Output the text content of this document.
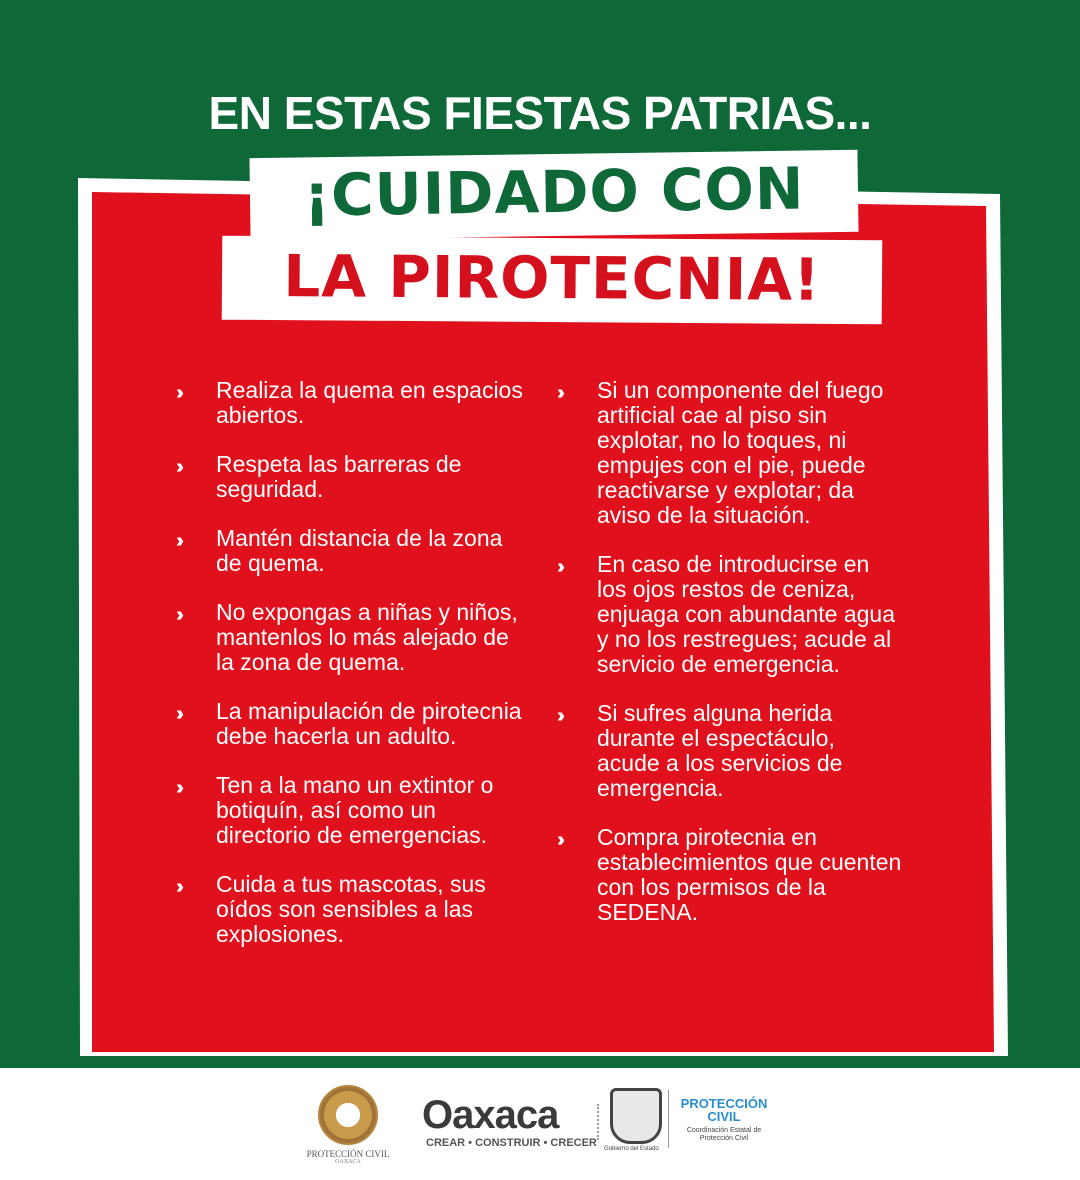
EN ESTAS FIESTAS PATRIAS...
¡CUIDADO CON
LA PIROTECNIA!
›››	Realiza la quema en espacios abiertos.
›››	Respeta las barreras de seguridad.
›››	Mantén distancia de la zona de quema.
›››	No expongas a niñas y niños, mantenlos lo más alejado de la zona de quema.
›››	La manipulación de pirotecnia debe hacerla un adulto.
›››	Ten a la mano un extintor o botiquín, así como un directorio de emergencias.
›››	Cuida a tus mascotas, sus oídos son sensibles a las explosiones.
›››	Si un componente del fuego artificial cae al piso sin explotar, no lo toques, ni empujes con el pie, puede reactivarse y explotar; da aviso de la situación.
›››	En caso de introducirse en los ojos restos de ceniza, enjuaga con abundante agua y no los restregues; acude al servicio de emergencia.
›››	Si sufres alguna herida durante el espectáculo, acude a los servicios de emergencia.
›››	Compra pirotecnia en establecimientos que cuenten con los permisos de la SEDENA.
PROTECCIÓN CIVIL
OAXACA
Oaxaca
CREAR • CONSTRUIR • CRECER Gobierno del Estado
PROTECCIÓN CIVIL
Coordinación Estatal de Protección Civil
